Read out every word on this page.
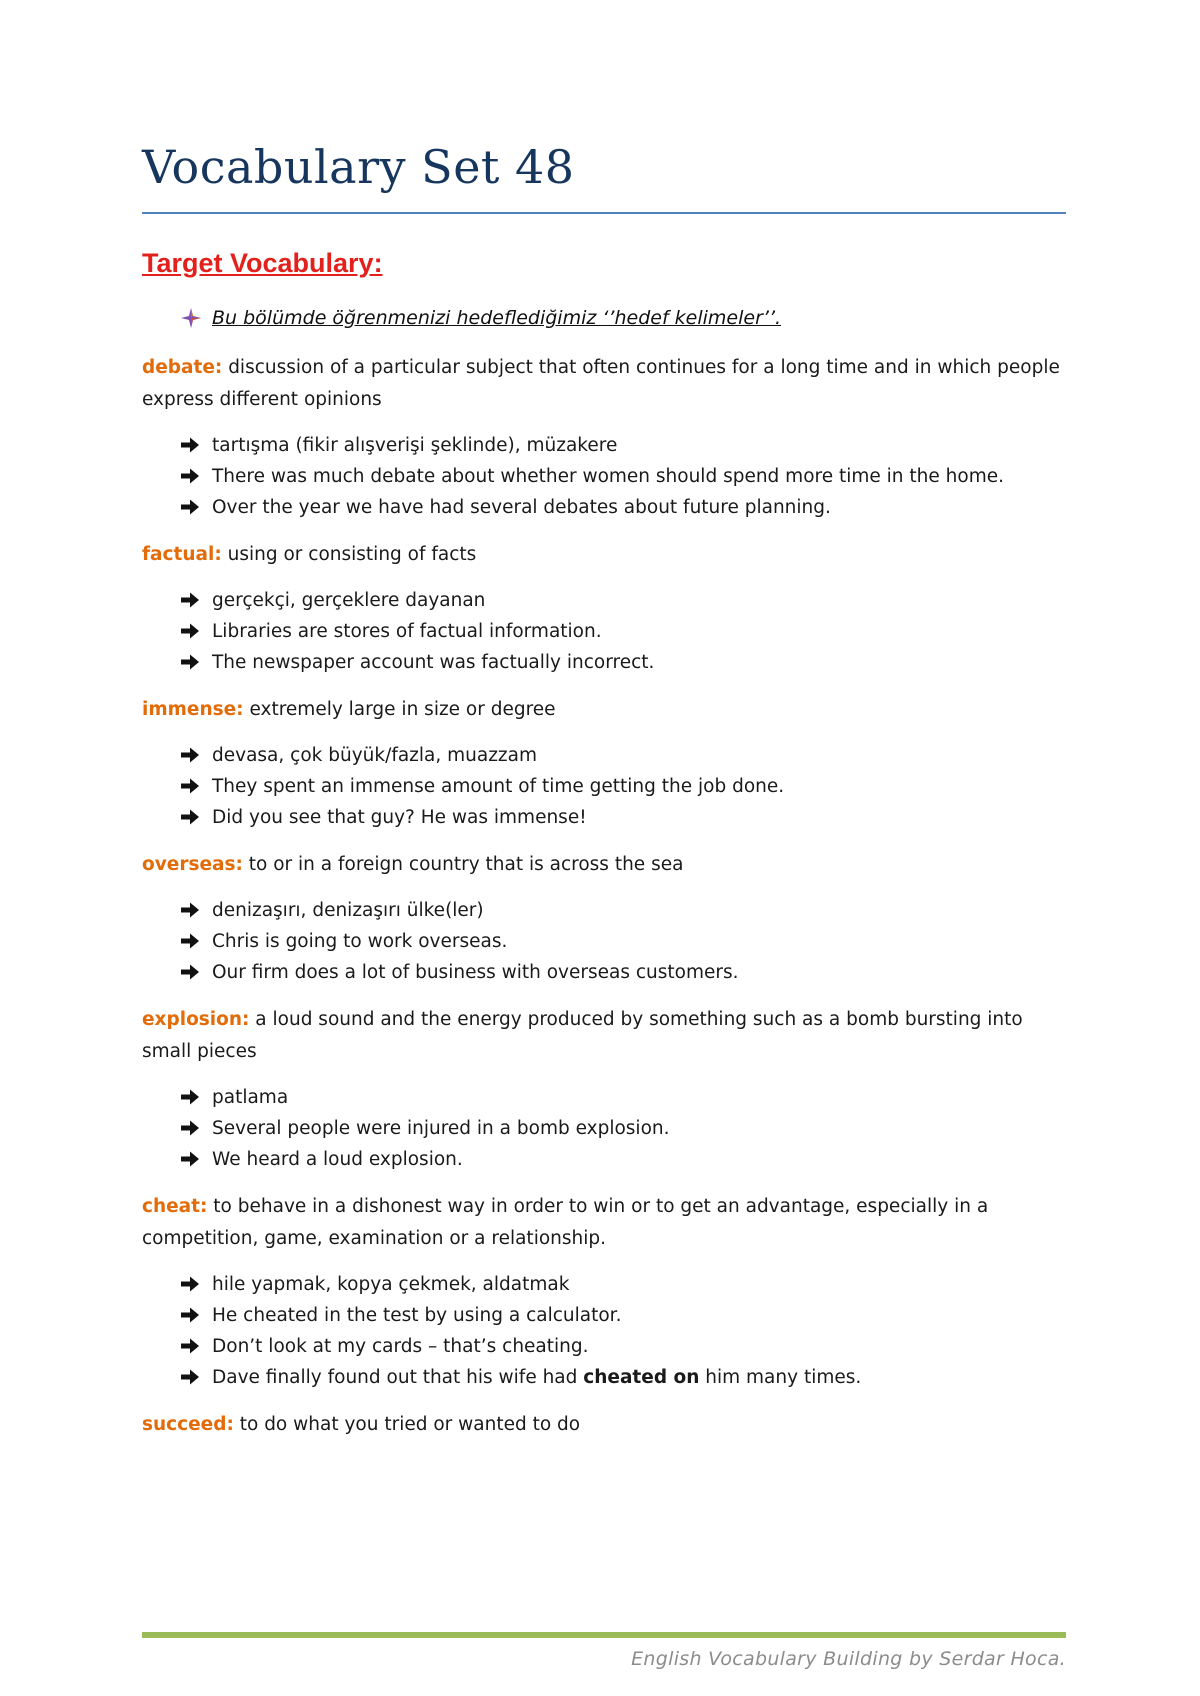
Vocabulary Set 48
Target Vocabulary:
Bu bölümde öğrenmenizi hedeflediğimiz ‘’hedef kelimeler’’.

debate: discussion of a particular subject that often continues for a long time and in which people express different opinions

tartışma (fikir alışverişi şeklinde), müzakere
There was much debate about whether women should spend more time in the home.
Over the year we have had several debates about future planning.

factual: using or consisting of facts

gerçekçi, gerçeklere dayanan
Libraries are stores of factual information.
The newspaper account was factually incorrect.

immense: extremely large in size or degree

devasa, çok büyük/fazla, muazzam
They spent an immense amount of time getting the job done.
Did you see that guy? He was immense!

overseas: to or in a foreign country that is across the sea

denizaşırı, denizaşırı ülke(ler)
Chris is going to work overseas.
Our firm does a lot of business with overseas customers.

explosion: a loud sound and the energy produced by something such as a bomb bursting into small pieces

patlama
Several people were injured in a bomb explosion.
We heard a loud explosion.

cheat: to behave in a dishonest way in order to win or to get an advantage, especially in a competition, game, examination or a relationship.

hile yapmak, kopya çekmek, aldatmak
He cheated in the test by using a calculator.
Don’t look at my cards – that’s cheating.
Dave finally found out that his wife had cheated on him many times.

succeed: to do what you tried or wanted to do

English Vocabulary Building by Serdar Hoca.
